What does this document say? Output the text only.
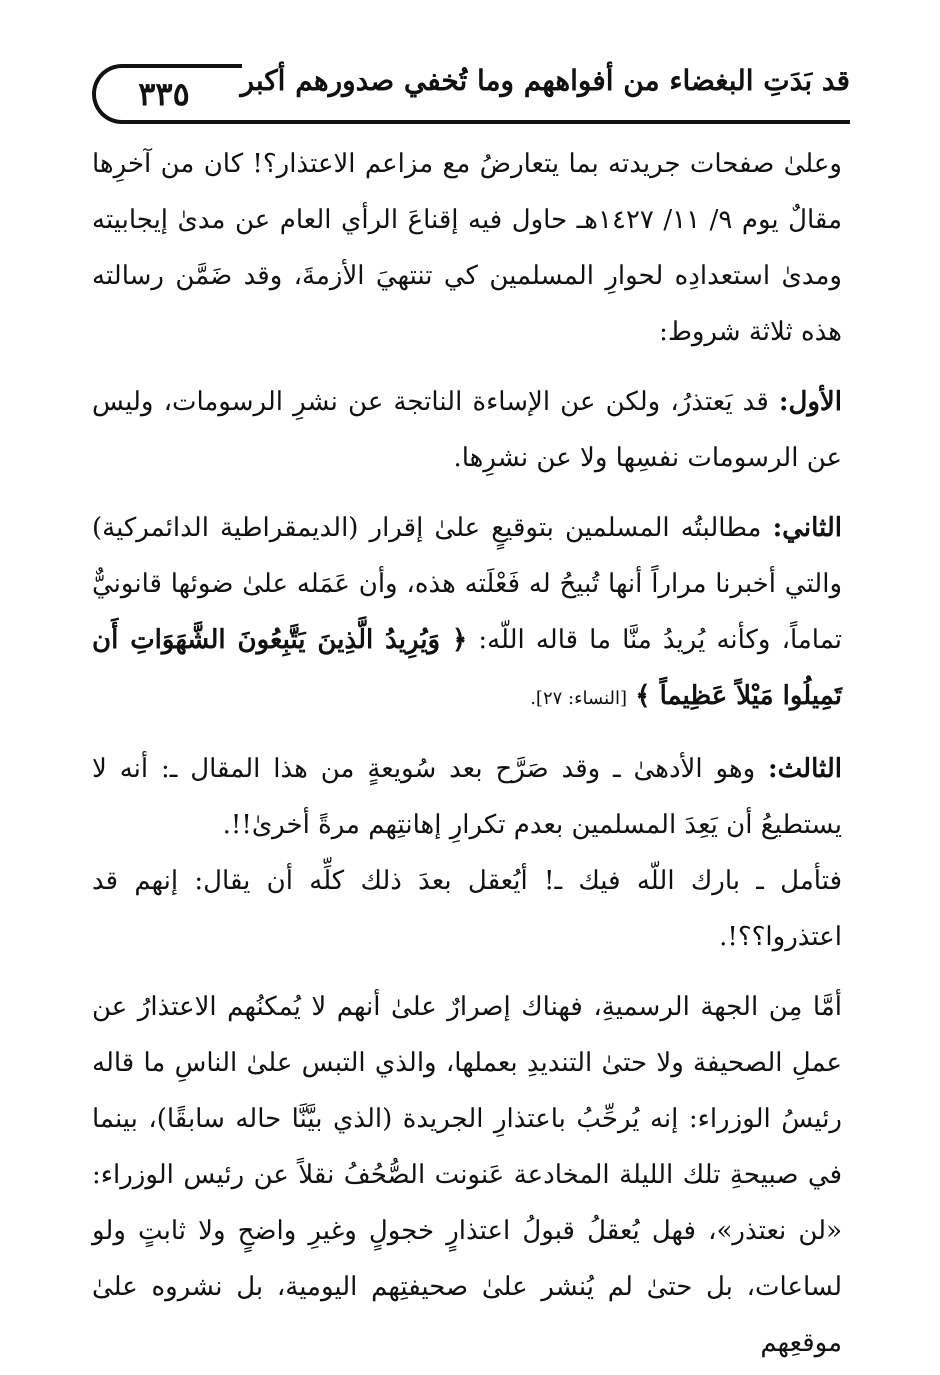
٣٣٥	قد بَدَتِ البغضاء من أفواههم وما تُخفي صدورهم أكبر

وعلىٰ صفحات جريدته بما يتعارضُ مع مزاعم الاعتذار؟! كان من آخرِها مقالٌ يوم ٩/ ١١/ ١٤٢٧هـ حاول فيه إقناعَ الرأي العام عن مدىٰ إيجابيته ومدىٰ استعدادِه لحوارِ المسلمين كي تنتهيَ الأزمةَ، وقد ضَمَّن رسالته هذه ثلاثة شروط:

الأول: قد يَعتذرُ، ولكن عن الإساءة الناتجة عن نشرِ الرسومات، وليس عن الرسومات نفسِها ولا عن نشرِها.

الثاني: مطالبتُه المسلمين بتوقيعٍ علىٰ إقرار (الديمقراطية الدائمركية) والتي أخبرنا مراراً أنها تُبيحُ له فَعْلَته هذه، وأن عَمَله علىٰ ضوئها قانونيٌّ تماماً، وكأنه يُريدُ منَّا ما قاله اللّه: ﴿ وَيُرِيدُ الَّذِينَ يَتَّبِعُونَ الشَّهَوَاتِ أَن تَمِيلُوا مَيْلاً عَظِيماً ﴾ [النساء: ٢٧].

الثالث: وهو الأدهىٰ ـ وقد صَرَّح بعد سُويعةٍ من هذا المقال ـ: أنه لا يستطيعُ أن يَعِدَ المسلمين بعدم تكرارِ إهانتِهم مرةً أخرىٰ!!.

فتأمل ـ بارك اللّه فيك ـ! أيُعقل بعدَ ذلك كلِّه أن يقال: إنهم قد اعتذروا؟؟!.

أمَّا مِن الجهة الرسميةِ، فهناك إصرارٌ علىٰ أنهم لا يُمكنُهم الاعتذارُ عن عملِ الصحيفة ولا حتىٰ التنديدِ بعملها، والذي التبس علىٰ الناسِ ما قاله رئيسُ الوزراء: إنه يُرحِّبُ باعتذارِ الجريدة (الذي بيَّنَّا حاله سابقًا)، بينما في صبيحةِ تلك الليلة المخادعة عَنونت الصُّحُفُ نقلاً عن رئيس الوزراء: «لن نعتذر»، فهل يُعقلُ قبولُ اعتذارٍ خجولٍ وغيرِ واضحٍ ولا ثابتٍ ولو لساعات، بل حتىٰ لم يُنشر علىٰ صحيفتِهم اليومية، بل نشروه علىٰ موقعِهم
